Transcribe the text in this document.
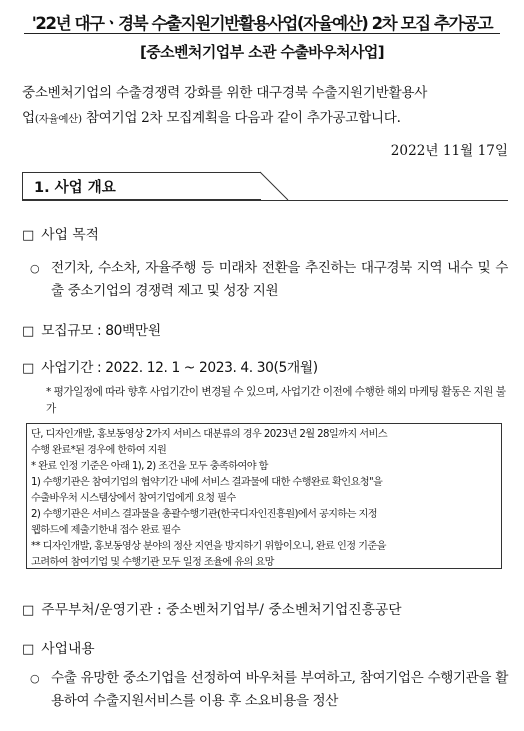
'22년 대구ㆍ경북 수출지원기반활용사업(자율예산) 2차 모집 추가공고
[중소벤처기업부 소관 수출바우처사업]
중소벤처기업의 수출경쟁력 강화를 위한 대구경북 수출지원기반활용사
업(자율예산) 참여기업 2차 모집계획을 다음과 같이 추가공고합니다.
2022년 11월 17일
1. 사업 개요
□ 사업 목적
○ 전기차, 수소차, 자율주행 등 미래차 전환을 추진하는 대구경북 지역 내수 및 수출 중소기업의 경쟁력 제고 및 성장 지원
□ 모집규모 : 80백만원
□ 사업기간 : 2022. 12. 1 ~ 2023. 4. 30(5개월)
* 평가일정에 따라 향후 사업기간이 변경될 수 있으며, 사업기간 이전에 수행한 해외 마케팅 활동은 지원 불가
단, 디자인개발, 홍보동영상 2가지 서비스 대분류의 경우 2023년 2월 28일까지 서비스
수행 완료*된 경우에 한하여 지원
* 완료 인정 기준은 아래 1), 2) 조건을 모두 충족하여야 함
1) 수행기관은 참여기업의 협약기간 내에 서비스 결과물에 대한 수행완료 확인요청"을
수출바우처 시스템상에서 참여기업에게 요청 필수
2) 수행기관은 서비스 결과물을 총괄수행기관(한국디자인진흥원)에서 공지하는 지정
웹하드에 제출기한내 접수 완료 필수
** 디자인개발, 홍보동영상 분야의 정산 지연을 방지하기 위함이오니, 완료 인정 기준을
고려하여 참여기업 및 수행기관 모두 일정 조율에 유의 요망
□ 주무부처/운영기관 : 중소벤처기업부/ 중소벤처기업진흥공단
□ 사업내용
○ 수출 유망한 중소기업을 선정하여 바우처를 부여하고, 참여기업은 수행기관을 활용하여 수출지원서비스를 이용 후 소요비용을 정산
